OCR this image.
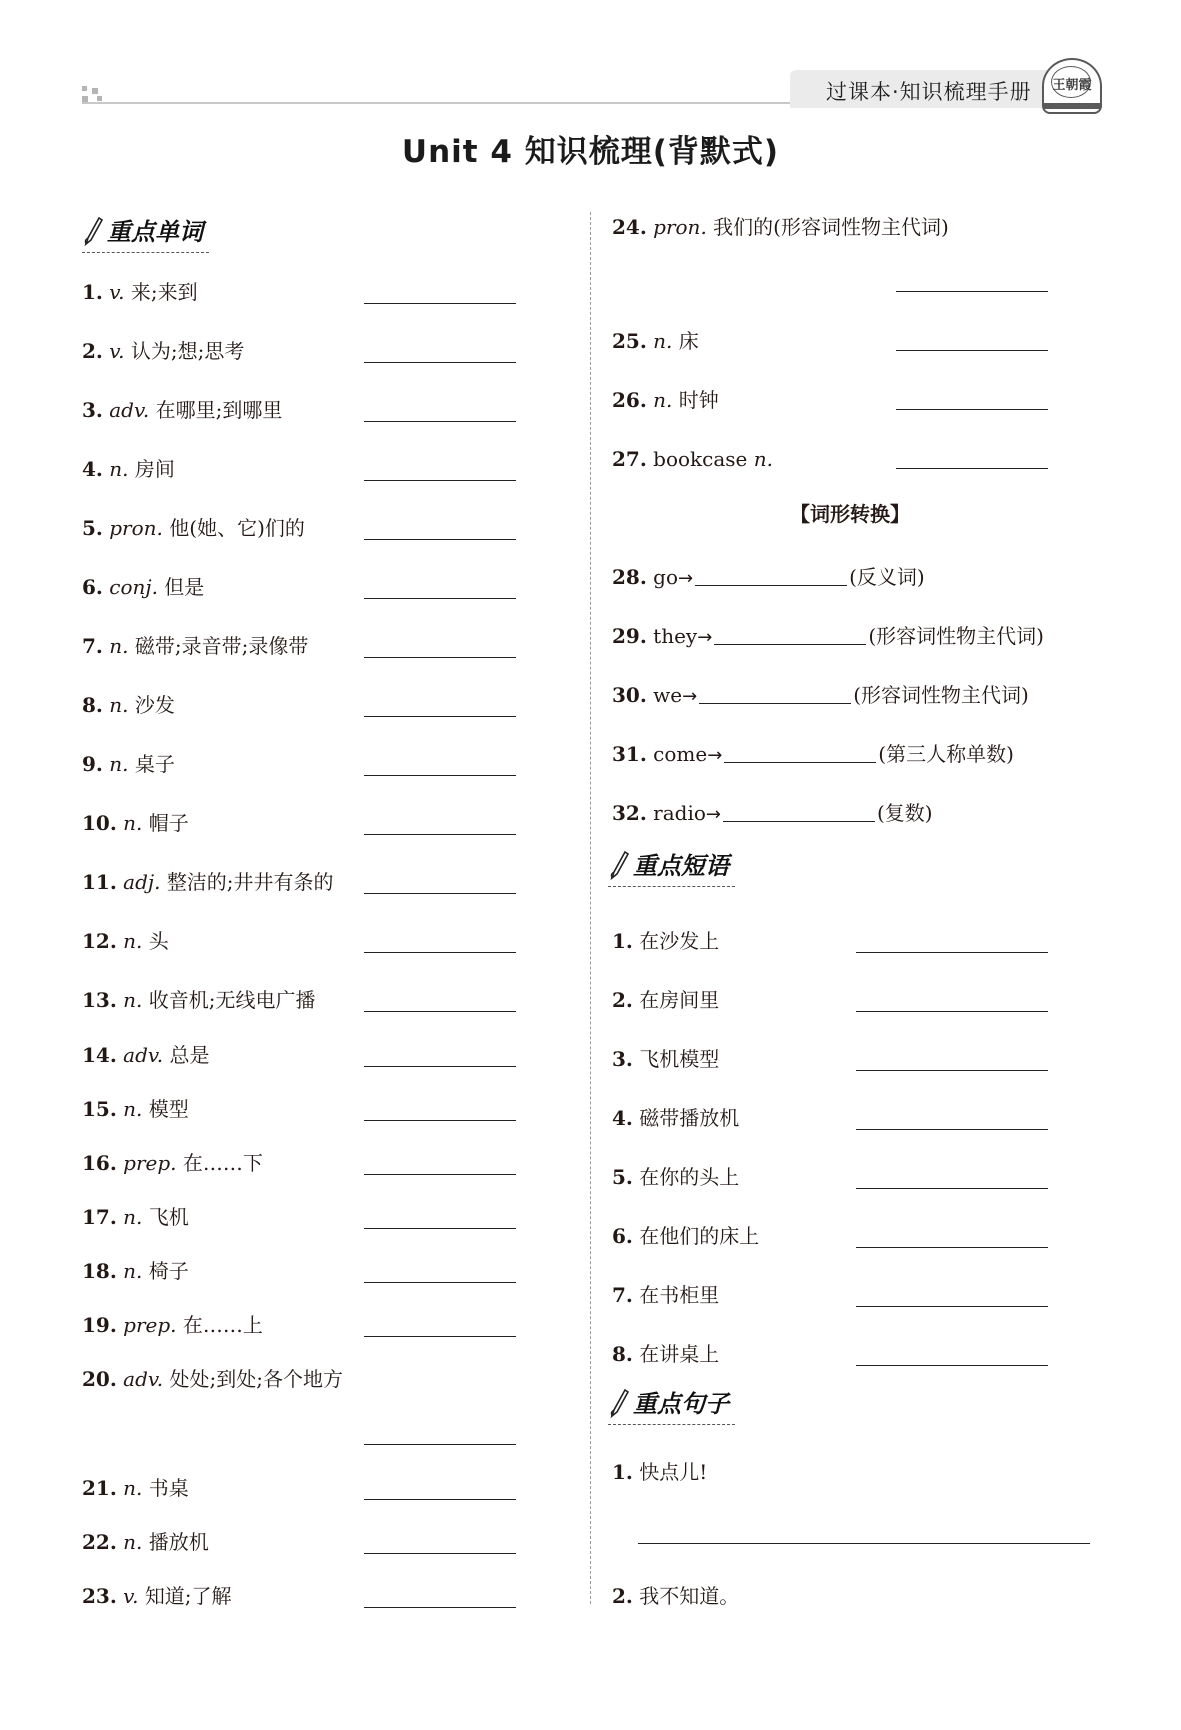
过课本·知识梳理手册	王朝霞
Unit 4 知识梳理(背默式)
重点单词
重点短语
重点句子
1. v. 来;来到
2. v. 认为;想;思考
3. adv. 在哪里;到哪里
4. n. 房间
5. pron. 他(她、它)们的
6. conj. 但是
7. n. 磁带;录音带;录像带
8. n. 沙发
9. n. 桌子
10. n. 帽子
11. adj. 整洁的;井井有条的
12. n. 头
13. n. 收音机;无线电广播
14. adv. 总是
15. n. 模型
16. prep. 在……下
17. n. 飞机
18. n. 椅子
19. prep. 在……上
20. adv. 处处;到处;各个地方
21. n. 书桌
22. n. 播放机
23. v. 知道;了解
24. pron. 我们的(形容词性物主代词)
25. n. 床
26. n. 时钟
27. bookcase n.
【词形转换】
28. go→	(反义词)
29. they→	(形容词性物主代词)
30. we→	(形容词性物主代词)
31. come→	(第三人称单数)
32. radio→	(复数)
1. 在沙发上
2. 在房间里
3. 飞机模型
4. 磁带播放机
5. 在你的头上
6. 在他们的床上
7. 在书柜里
8. 在讲桌上
1. 快点儿!
2. 我不知道。
